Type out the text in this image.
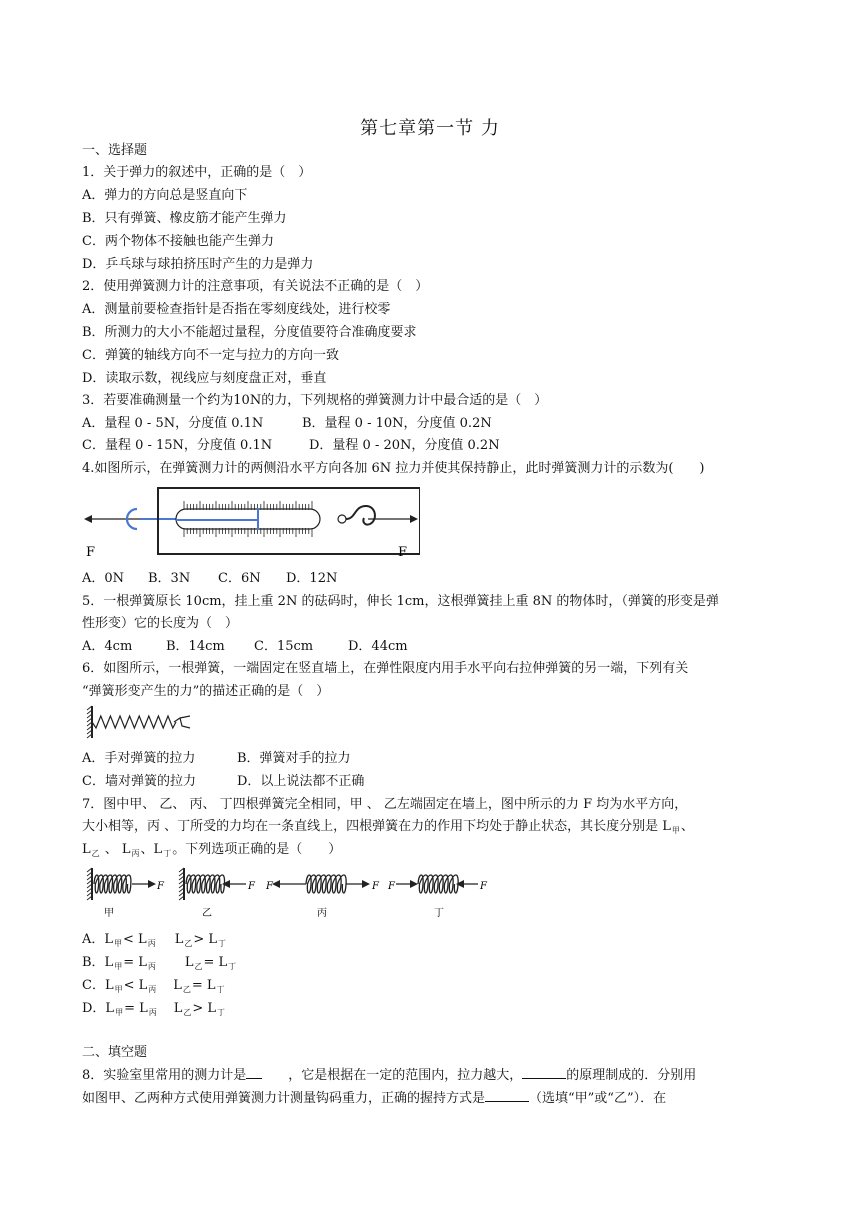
第七章第一节 力
一、选择题
1．关于弹力的叙述中，正确的是（　）
A．弹力的方向总是竖直向下
B．只有弹簧、橡皮筋才能产生弹力
C．两个物体不接触也能产生弹力
D．乒乓球与球拍挤压时产生的力是弹力
2．使用弹簧测力计的注意事项，有关说法不正确的是（　）
A．测量前要检查指针是否指在零刻度线处，进行校零
B．所测力的大小不能超过量程，分度值要符合准确度要求
C．弹簧的轴线方向不一定与拉力的方向一致
D．读取示数，视线应与刻度盘正对，垂直
3．若要准确测量一个约为10N的力，下列规格的弹簧测力计中最合适的是（　）
A．量程 0 - 5N，分度值 0.1N	B．量程 0 - 10N，分度值 0.2N
C．量程 0 - 15N，分度值 0.1N	D．量程 0 - 20N，分度值 0.2N
4.如图所示，在弹簧测力计的两侧沿水平方向各加 6N 拉力并使其保持静止，此时弹簧测力计的示数为(　　)
F	F
A．0N B．3N C．6N D．12N
5．一根弹簧原长 10cm，挂上重 2N 的砝码时，伸长 1cm，这根弹簧挂上重 8N 的物体时，（弹簧的形变是弹
性形变）它的长度为（　）
A．4cm	B．14cm C．15cm	D．44cm
6．如图所示，一根弹簧，一端固定在竖直墙上，在弹性限度内用手水平向右拉伸弹簧的另一端，下列有关
“弹簧形变产生的力”的描述正确的是（　）
A．手对弹簧的拉力	B．弹簧对手的拉力
C．墙对弹簧的拉力	D．以上说法都不正确
7．图中甲、 乙、 丙、 丁四根弹簧完全相同，甲 、 乙左端固定在墙上，图中所示的力 F 均为水平方向，
大小相等，丙 、丁所受的力均在一条直线上，四根弹簧在力的作用下均处于静止状态，其长度分别是 $L_甲$、
$L_乙$ 、 $L_丙$、$L_丁$。下列选项正确的是（　　）
F
甲
F
乙
F	F
丙
F	F
丁
A．$L_甲< L$丙 $L_乙> L_丁$
B．$L_甲= L$丙 $L_乙= L_丁$
C．$L_甲< L$丙 $L_乙= L_丁$
D．$L_甲= L$丙 $L_乙> L_丁$
二、填空题
8．实验室里常用的测力计是	，它是根据在一定的范围内，拉力越大，	的原理制成的．分别用
如图甲、乙两种方式使用弹簧测力计测量钩码重力，正确的握持方式是	（选填“甲”或“乙”）．在
